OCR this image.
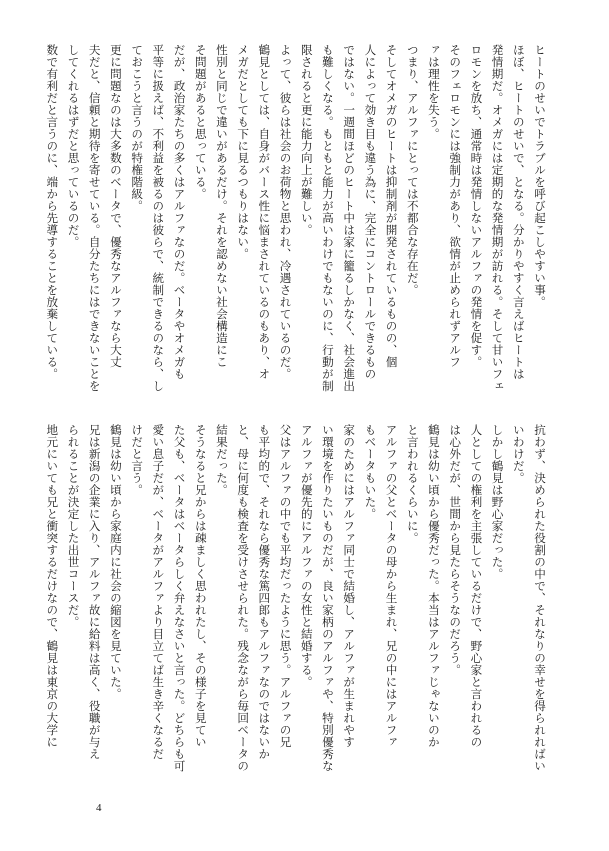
ヒートのせいでトラブルを呼び起こしやすい事。
ほぼ、ヒートのせいで、となる。分かりやすく言えばヒートは
発情期だ。オメガには定期的な発情期が訪れる。そして甘いフェ
ロモンを放ち、通常時は発情しないアルファの発情を促す。
そのフェロモンには強制力があり、欲情が止められずアルフ
ァは理性を失う。
つまり、アルファにとっては不都合な存在だ。
そしてオメガのヒートは抑制剤が開発されているものの、個
人によって効き目も違う為に、完全にコントロールできるもの
ではない。一週間ほどのヒート中は家に籠るしかなく、社会進出
も難しくなる。もともと能力が高いわけでもないのに、行動が制
限されると更に能力向上が難しい。
よって、彼らは社会のお荷物と思われ、冷遇されているのだ。
鶴見としては、自身がバース性に悩まされているのもあり、オ
メガだとしても下に見るつもりはない。
性別と同じで違いがあるだけ。それを認めない社会構造にこ
そ問題があると思っている。
だが、政治家たちの多くはアルファなのだ。ベータやオメガも
平等に扱えば、不利益を被るのは彼らで、統制できるのなら、し
ておこうと言うのが特権階級。
更に問題なのは大多数のベータで、優秀なアルファなら大丈
夫だと、信頼と期待を寄せている。自分たちにはできないことを
してくれるはずだと思っているのだ。
数で有利だと言うのに、端から先導することを放棄している。
抗わず、決められた役割の中で、それなりの幸せを得られればい
いわけだ。
しかし鶴見は野心家だった。
人としての権利を主張しているだけで、野心家と言われるの
は心外だが、世間から見たらそうなのだろう。
鶴見は幼い頃から優秀だった。本当はアルファじゃないのか
と言われるくらいに。
アルファの父とベータの母から生まれ、兄の中にはアルファ
もベータもいた。
家のためにはアルファ同士で結婚し、アルファが生まれやす
い環境を作りたいものだが、良い家柄のアルファや、特別優秀な
アルファが優先的にアルファの女性と結婚する。
父はアルファの中でも平均だったように思う。アルファの兄
も平均的で、それなら優秀な篤四郎もアルファなのではないか
と、母に何度も検査を受けさせられた。残念ながら毎回ベータの
結果だった。
そうなると兄からは疎ましく思われたし、その様子を見てい
た父も、ベータはベータらしく弁えなさいと言った。どちらも可
愛い息子だが、ベータがアルファより目立てば生き辛くなるだ
けだと言う。
鶴見は幼い頃から家庭内に社会の縮図を見ていた。
兄は新潟の企業に入り、アルファ故に給料は高く、役職が与え
られることが決定した出世コースだ。
地元にいても兄と衝突するだけなので、鶴見は東京の大学に
4
